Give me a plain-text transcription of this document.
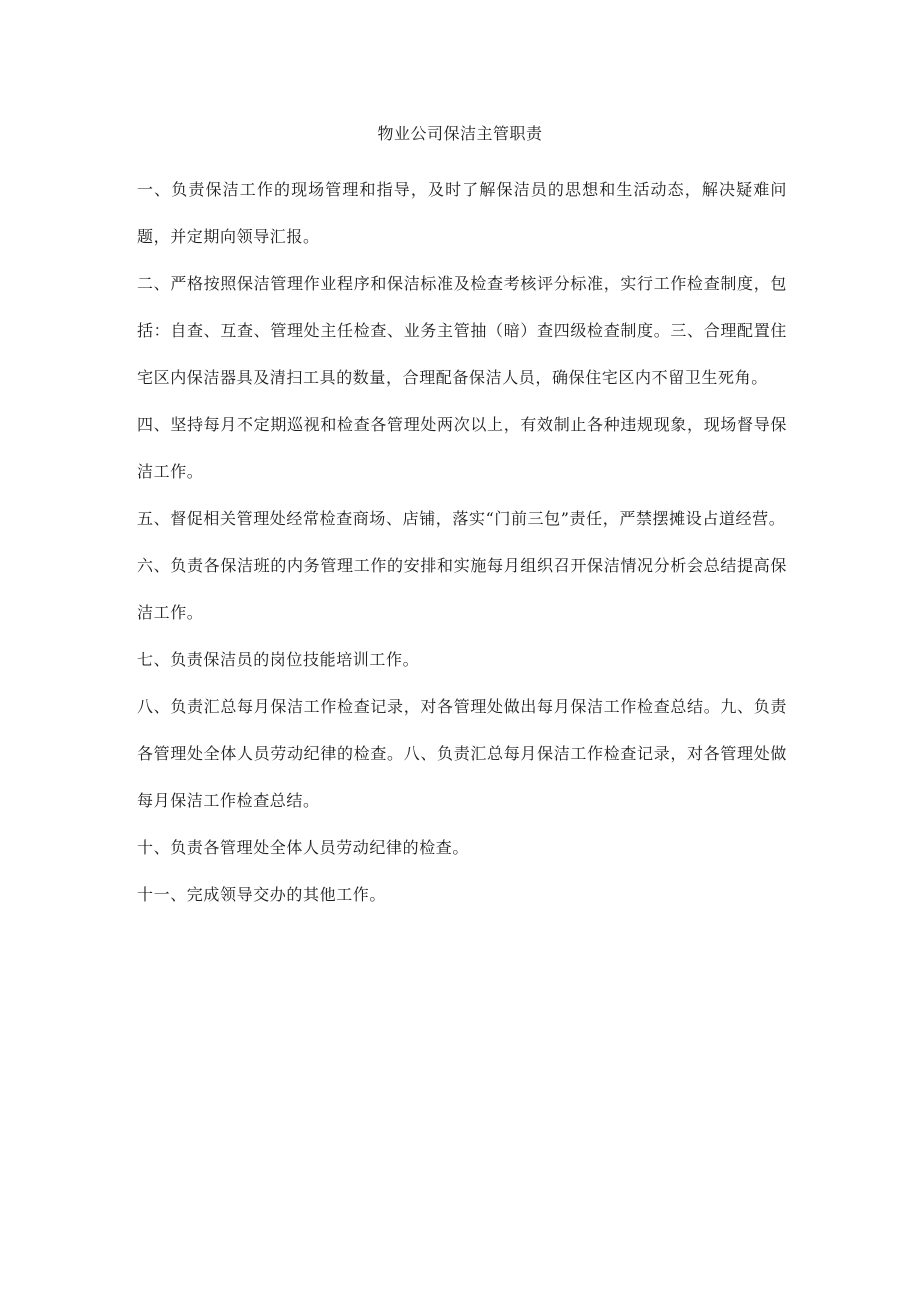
物业公司保洁主管职责

一、负责保洁工作的现场管理和指导，及时了解保洁员的思想和生活动态，解决疑难问题，并定期向领导汇报。

二、严格按照保洁管理作业程序和保洁标准及检查考核评分标准，实行工作检查制度，包括：自查、互查、管理处主任检查、业务主管抽（暗）查四级检查制度。三、合理配置住宅区内保洁器具及清扫工具的数量，合理配备保洁人员，确保住宅区内不留卫生死角。

四、坚持每月不定期巡视和检查各管理处两次以上，有效制止各种违规现象，现场督导保洁工作。

五、督促相关管理处经常检查商场、店铺，落实“门前三包”责任，严禁摆摊设占道经营。

六、负责各保洁班的内务管理工作的安排和实施每月组织召开保洁情况分析会总结提高保洁工作。

七、负责保洁员的岗位技能培训工作。

八、负责汇总每月保洁工作检查记录，对各管理处做出每月保洁工作检查总结。九、负责各管理处全体人员劳动纪律的检查。八、负责汇总每月保洁工作检查记录，对各管理处做每月保洁工作检查总结。

十、负责各管理处全体人员劳动纪律的检查。

十一、完成领导交办的其他工作。
